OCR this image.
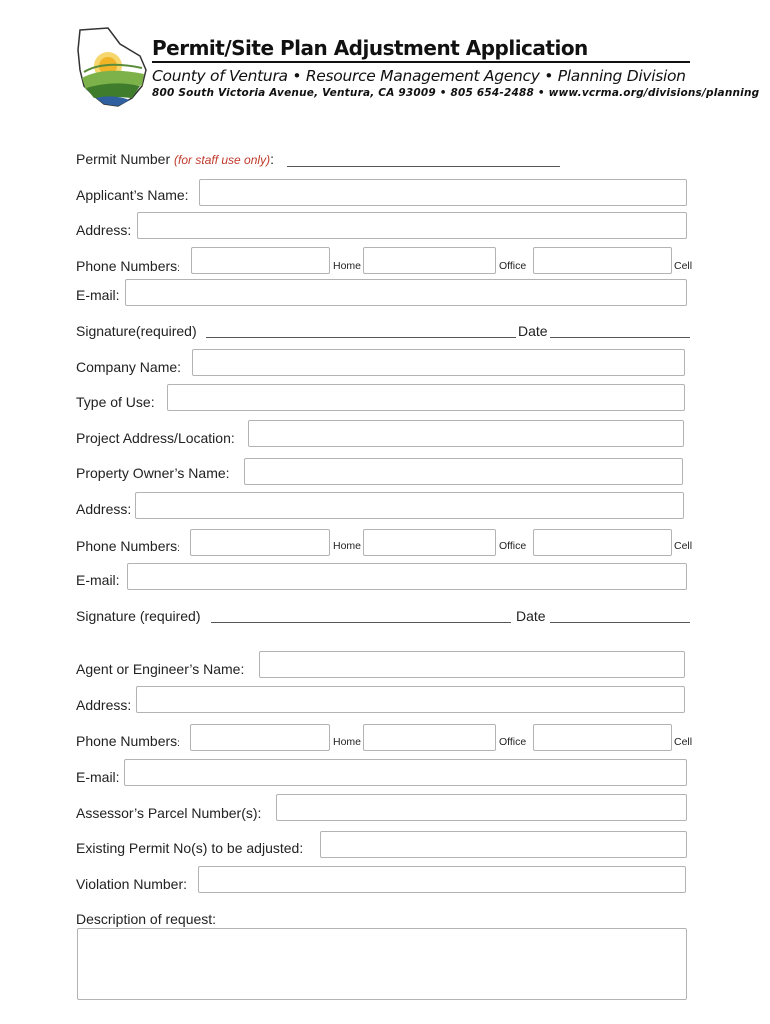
Permit/Site Plan Adjustment Application
County of Ventura • Resource Management Agency • Planning Division
800 South Victoria Avenue, Ventura, CA 93009 • 805 654-2488 • www.vcrma.org/divisions/planning
Permit Number (for staff use only):
Applicant’s Name:
Address:
Phone Numbers:	Home	Office	Cell
E-mail:
Signature(required)	Date
Company Name:
Type of Use:
Project Address/Location:
Property Owner’s Name:
Address:
Phone Numbers:	Home	Office	Cell
E-mail:
Signature (required)	Date
Agent or Engineer’s Name:
Address:
Phone Numbers:	Home	Office	Cell
E-mail:
Assessor’s Parcel Number(s):
Existing Permit No(s) to be adjusted:
Violation Number:
Description of request:
